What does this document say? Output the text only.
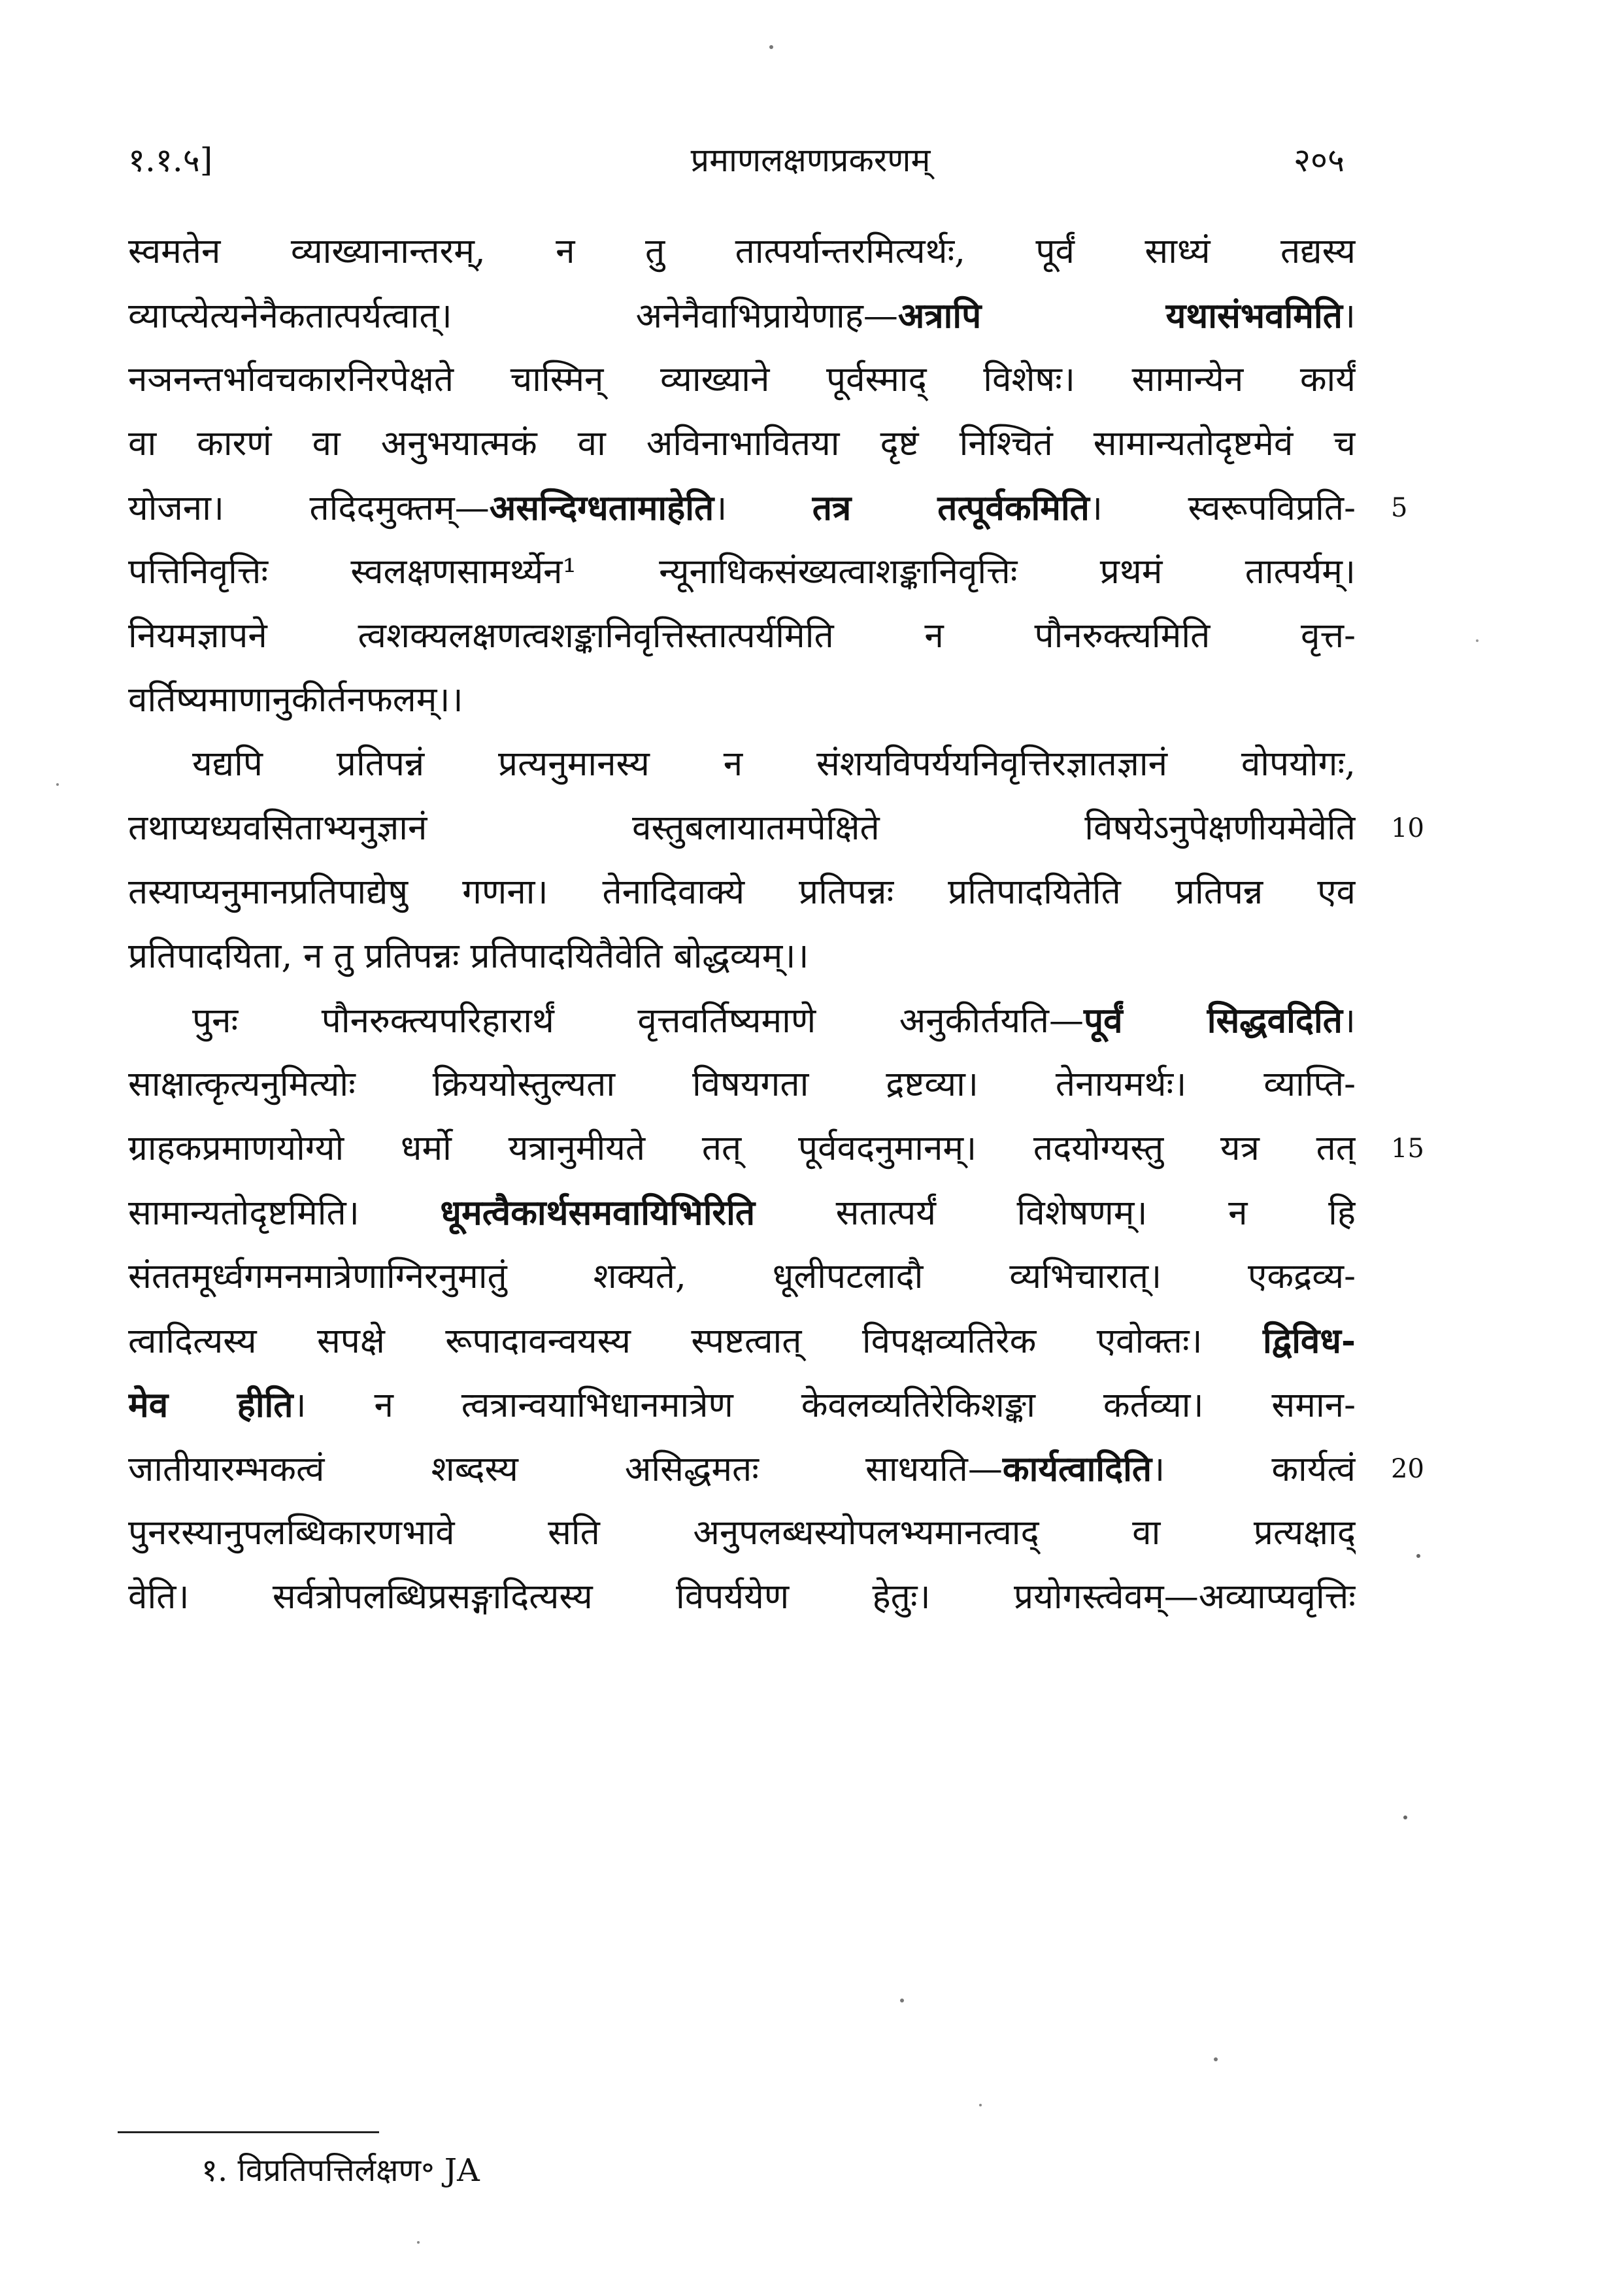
प्रमाणलक्षणप्रकरणम्
१.१.५]	२०५
स्वमतेन व्याख्यानान्तरम्, न तु तात्पर्यान्तरमित्यर्थः, पूर्वं साध्यं तद्यस्य
व्याप्त्येत्यनेनैकतात्पर्यत्वात्। अनेनैवाभिप्रायेणाह—अत्रापि यथासंभवमिति।
नञनन्तर्भावचकारनिरपेक्षते चास्मिन् व्याख्याने पूर्वस्माद् विशेषः। सामान्येन कार्यं
वा कारणं वा अनुभयात्मकं वा अविनाभावितया दृष्टं निश्चितं सामान्यतोदृष्टमेवं च
योजना। तदिदमुक्तम्—असन्दिग्धतामाहेति। तत्र तत्पूर्वकमिति। स्वरूपविप्रति- 5
पत्तिनिवृत्तिः स्वलक्षणसामर्थ्येन¹ न्यूनाधिकसंख्यत्वाशङ्कानिवृत्तिः प्रथमं तात्पर्यम्।
नियमज्ञापने त्वशक्यलक्षणत्वशङ्कानिवृत्तिस्तात्पर्यमिति न पौनरुक्त्यमिति वृत्त-
वर्तिष्यमाणानुकीर्तनफलम्।।
यद्यपि प्रतिपन्नं प्रत्यनुमानस्य न संशयविपर्ययनिवृत्तिरज्ञातज्ञानं वोपयोगः,
तथाप्यध्यवसिताभ्यनुज्ञानं वस्तुबलायातमपेक्षिते विषयेऽनुपेक्षणीयमेवेति 10
तस्याप्यनुमानप्रतिपाद्येषु गणना। तेनादिवाक्ये प्रतिपन्नः प्रतिपादयितेति प्रतिपन्न एव
प्रतिपादयिता, न तु प्रतिपन्नः प्रतिपादयितैवेति बोद्धव्यम्।।
पुनः पौनरुक्त्यपरिहारार्थं वृत्तवर्तिष्यमाणे अनुकीर्तयति—पूर्वं सिद्धवदिति।
साक्षात्कृत्यनुमित्योः क्रिययोस्तुल्यता विषयगता द्रष्टव्या। तेनायमर्थः। व्याप्ति-
ग्राहकप्रमाणयोग्यो धर्मो यत्रानुमीयते तत् पूर्ववदनुमानम्। तदयोग्यस्तु यत्र तत् 15
सामान्यतोदृष्टमिति। धूमत्वैकार्थसमवायिभिरिति सतात्पर्यं विशेषणम्। न हि
संततमूर्ध्वगमनमात्रेणाग्निरनुमातुं शक्यते, धूलीपटलादौ व्यभिचारात्। एकद्रव्य-
त्वादित्यस्य सपक्षे रूपादावन्वयस्य स्पष्टत्वात् विपक्षव्यतिरेक एवोक्तः। द्विविध-
मेव हीति। न त्वत्रान्वयाभिधानमात्रेण केवलव्यतिरेकिशङ्का कर्तव्या। समान-
जातीयारम्भकत्वं शब्दस्य असिद्धमतः साधयति—कार्यत्वादिति। कार्यत्वं 20
पुनरस्यानुपलब्धिकारणभावे सति अनुपलब्धस्योपलभ्यमानत्वाद् वा प्रत्यक्षाद्
वेति। सर्वत्रोपलब्धिप्रसङ्गादित्यस्य विपर्ययेण हेतुः। प्रयोगस्त्वेवम्—अव्याप्यवृत्तिः
१. विप्रतिपत्तिर्लक्षण॰ JA
